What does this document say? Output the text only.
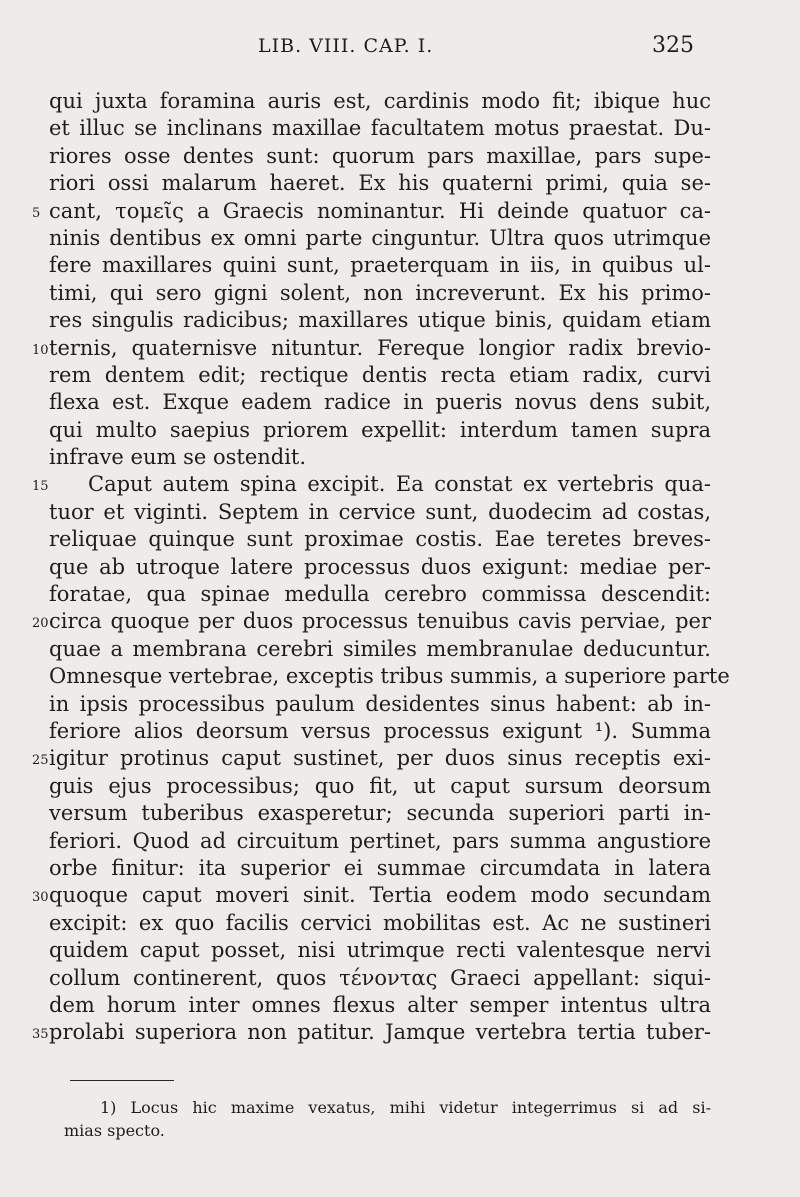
LIB. VIII. CAP. I.	325
qui juxta foramina auris est, cardinis modo fit; ibique huc
et illuc se inclinans maxillae facultatem motus praestat. Du-
riores osse dentes sunt: quorum pars maxillae, pars supe-
riori ossi malarum haeret. Ex his quaterni primi, quia se-
5 cant, τομεῖς a Graecis nominantur. Hi deinde quatuor ca-
ninis dentibus ex omni parte cinguntur. Ultra quos utrimque
fere maxillares quini sunt, praeterquam in iis, in quibus ul-
timi, qui sero gigni solent, non increverunt. Ex his primo-
res singulis radicibus; maxillares utique binis, quidam etiam
10 ternis, quaternisve nituntur. Fereque longior radix brevio-
rem dentem edit; rectique dentis recta etiam radix, curvi
flexa est. Exque eadem radice in pueris novus dens subit,
qui multo saepius priorem expellit: interdum tamen supra
infrave eum se ostendit.
15 Caput autem spina excipit. Ea constat ex vertebris qua-
tuor et viginti. Septem in cervice sunt, duodecim ad costas,
reliquae quinque sunt proximae costis. Eae teretes breves-
que ab utroque latere processus duos exigunt: mediae per-
foratae, qua spinae medulla cerebro commissa descendit:
20 circa quoque per duos processus tenuibus cavis perviae, per
quae a membrana cerebri similes membranulae deducuntur.
Omnesque vertebrae, exceptis tribus summis, a superiore parte
in ipsis processibus paulum desidentes sinus habent: ab in-
feriore alios deorsum versus processus exigunt ¹). Summa
25 igitur protinus caput sustinet, per duos sinus receptis exi-
guis ejus processibus; quo fit, ut caput sursum deorsum
versum tuberibus exasperetur; secunda superiori parti in-
feriori. Quod ad circuitum pertinet, pars summa angustiore
orbe finitur: ita superior ei summae circumdata in latera
30 quoque caput moveri sinit. Tertia eodem modo secundam
excipit: ex quo facilis cervici mobilitas est. Ac ne sustineri
quidem caput posset, nisi utrimque recti valentesque nervi
collum continerent, quos τένοντας Graeci appellant: siqui-
dem horum inter omnes flexus alter semper intentus ultra
35 prolabi superiora non patitur. Jamque vertebra tertia tuber-
1) Locus hic maxime vexatus, mihi videtur integerrimus si ad si-
mias specto.
